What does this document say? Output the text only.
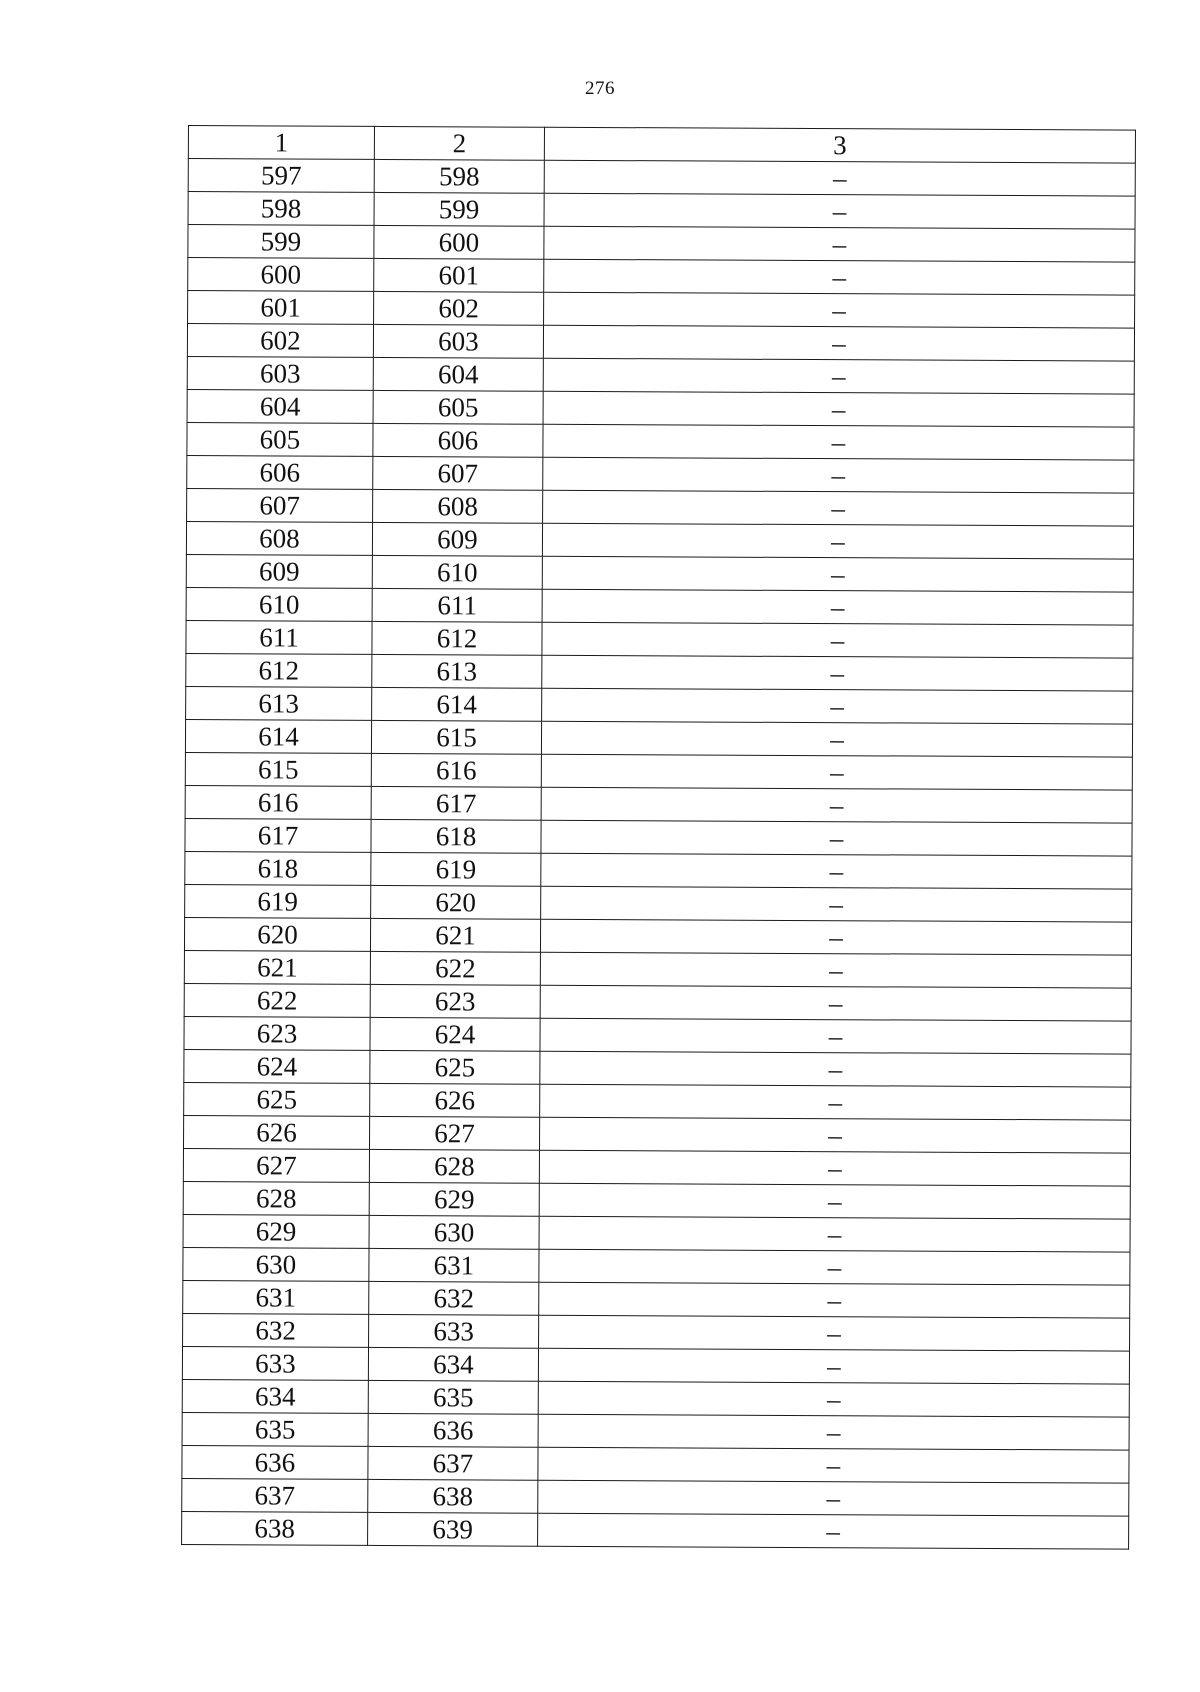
276
1	2	3
597	598	–
598	599	–
599	600	–
600	601	–
601	602	–
602	603	–
603	604	–
604	605	–
605	606	–
606	607	–
607	608	–
608	609	–
609	610	–
610	611	–
611	612	–
612	613	–
613	614	–
614	615	–
615	616	–
616	617	–
617	618	–
618	619	–
619	620	–
620	621	–
621	622	–
622	623	–
623	624	–
624	625	–
625	626	–
626	627	–
627	628	–
628	629	–
629	630	–
630	631	–
631	632	–
632	633	–
633	634	–
634	635	–
635	636	–
636	637	–
637	638	–
638	639	–
